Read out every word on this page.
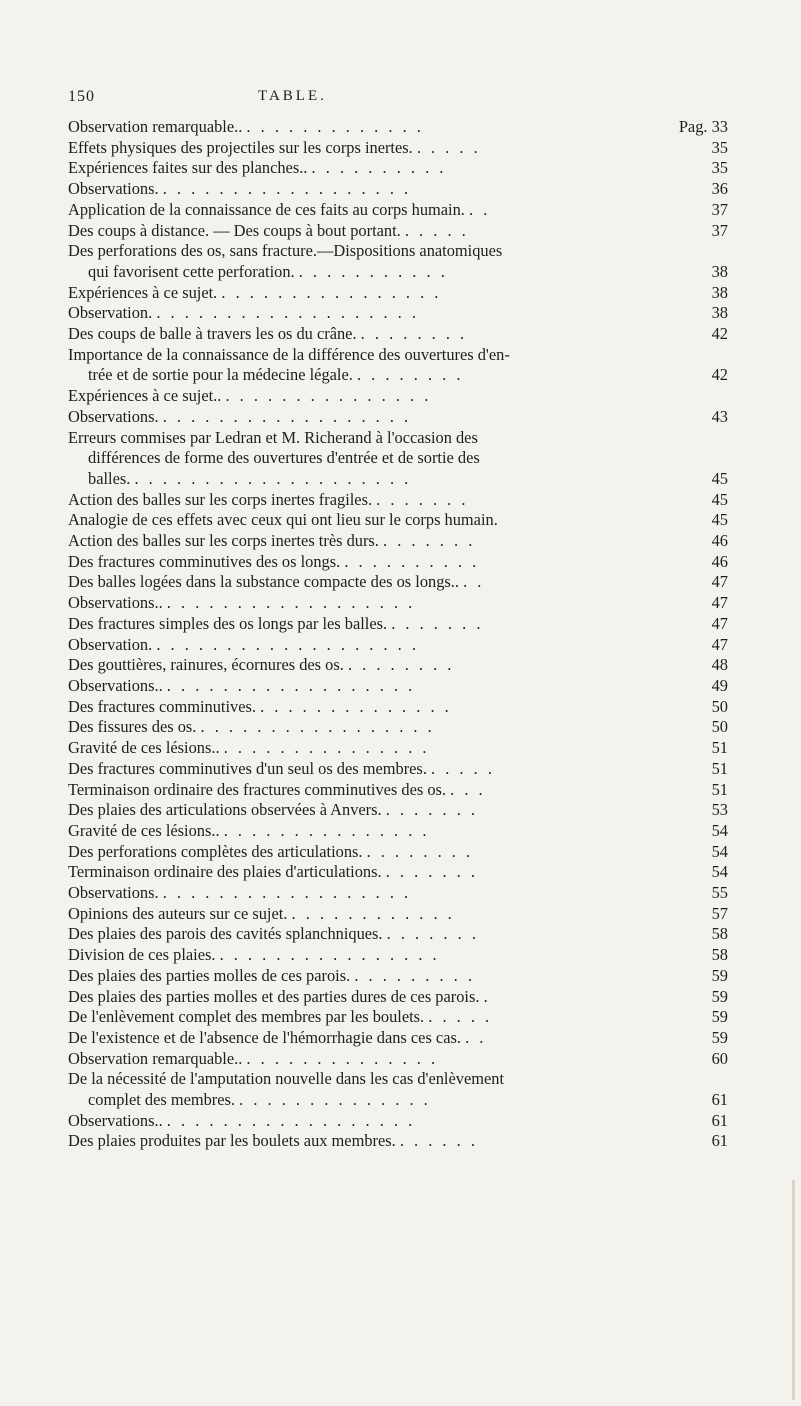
150	TABLE.
Observation remarquable.. . . . . . . . . . . . . .	Pag. 33
Effets physiques des projectiles sur les corps inertes. . . . . .	35
Expériences faites sur des planches.. . . . . . . . . . .	35
Observations. . . . . . . . . . . . . . . . . . .	36
Application de la connaissance de ces faits au corps humain. . .	37
Des coups à distance. — Des coups à bout portant. . . . . .	37
Des perforations des os, sans fracture.—Dispositions anatomiques
qui favorisent cette perforation. . . . . . . . . . . .	38
Expériences à ce sujet. . . . . . . . . . . . . . . . .	38
Observation. . . . . . . . . . . . . . . . . . . .	38
Des coups de balle à travers les os du crâne. . . . . . . . .	42
Importance de la connaissance de la différence des ouvertures d'en-
trée et de sortie pour la médecine légale. . . . . . . . .	42
Expériences à ce sujet.. . . . . . . . . . . . . . . .
Observations. . . . . . . . . . . . . . . . . . .	43
Erreurs commises par Ledran et M. Richerand à l'occasion des
différences de forme des ouvertures d'entrée et de sortie des
balles. . . . . . . . . . . . . . . . . . . . .	45
Action des balles sur les corps inertes fragiles. . . . . . . .	45
Analogie de ces effets avec ceux qui ont lieu sur le corps humain.	45
Action des balles sur les corps inertes très durs. . . . . . . .	46
Des fractures comminutives des os longs. . . . . . . . . . .	46
Des balles logées dans la substance compacte des os longs.. . .	47
Observations.. . . . . . . . . . . . . . . . . . .	47
Des fractures simples des os longs par les balles. . . . . . . .	47
Observation. . . . . . . . . . . . . . . . . . . .	47
Des gouttières, rainures, écornures des os. . . . . . . . .	48
Observations.. . . . . . . . . . . . . . . . . . .	49
Des fractures comminutives. . . . . . . . . . . . . . .	50
Des fissures des os. . . . . . . . . . . . . . . . . .	50
Gravité de ces lésions.. . . . . . . . . . . . . . . .	51
Des fractures comminutives d'un seul os des membres. . . . . .	51
Terminaison ordinaire des fractures comminutives des os. . . .	51
Des plaies des articulations observées à Anvers. . . . . . . .	53
Gravité de ces lésions.. . . . . . . . . . . . . . . .	54
Des perforations complètes des articulations. . . . . . . . .	54
Terminaison ordinaire des plaies d'articulations. . . . . . . .	54
Observations. . . . . . . . . . . . . . . . . . .	55
Opinions des auteurs sur ce sujet. . . . . . . . . . . . .	57
Des plaies des parois des cavités splanchniques. . . . . . . .	58
Division de ces plaies. . . . . . . . . . . . . . . . .	58
Des plaies des parties molles de ces parois. . . . . . . . . .	59
Des plaies des parties molles et des parties dures de ces parois. .	59
De l'enlèvement complet des membres par les boulets. . . . . .	59
De l'existence et de l'absence de l'hémorrhagie dans ces cas. . .	59
Observation remarquable.. . . . . . . . . . . . . . .	60
De la nécessité de l'amputation nouvelle dans les cas d'enlèvement
complet des membres. . . . . . . . . . . . . . .	61
Observations.. . . . . . . . . . . . . . . . . . .	61
Des plaies produites par les boulets aux membres. . . . . . .	61
